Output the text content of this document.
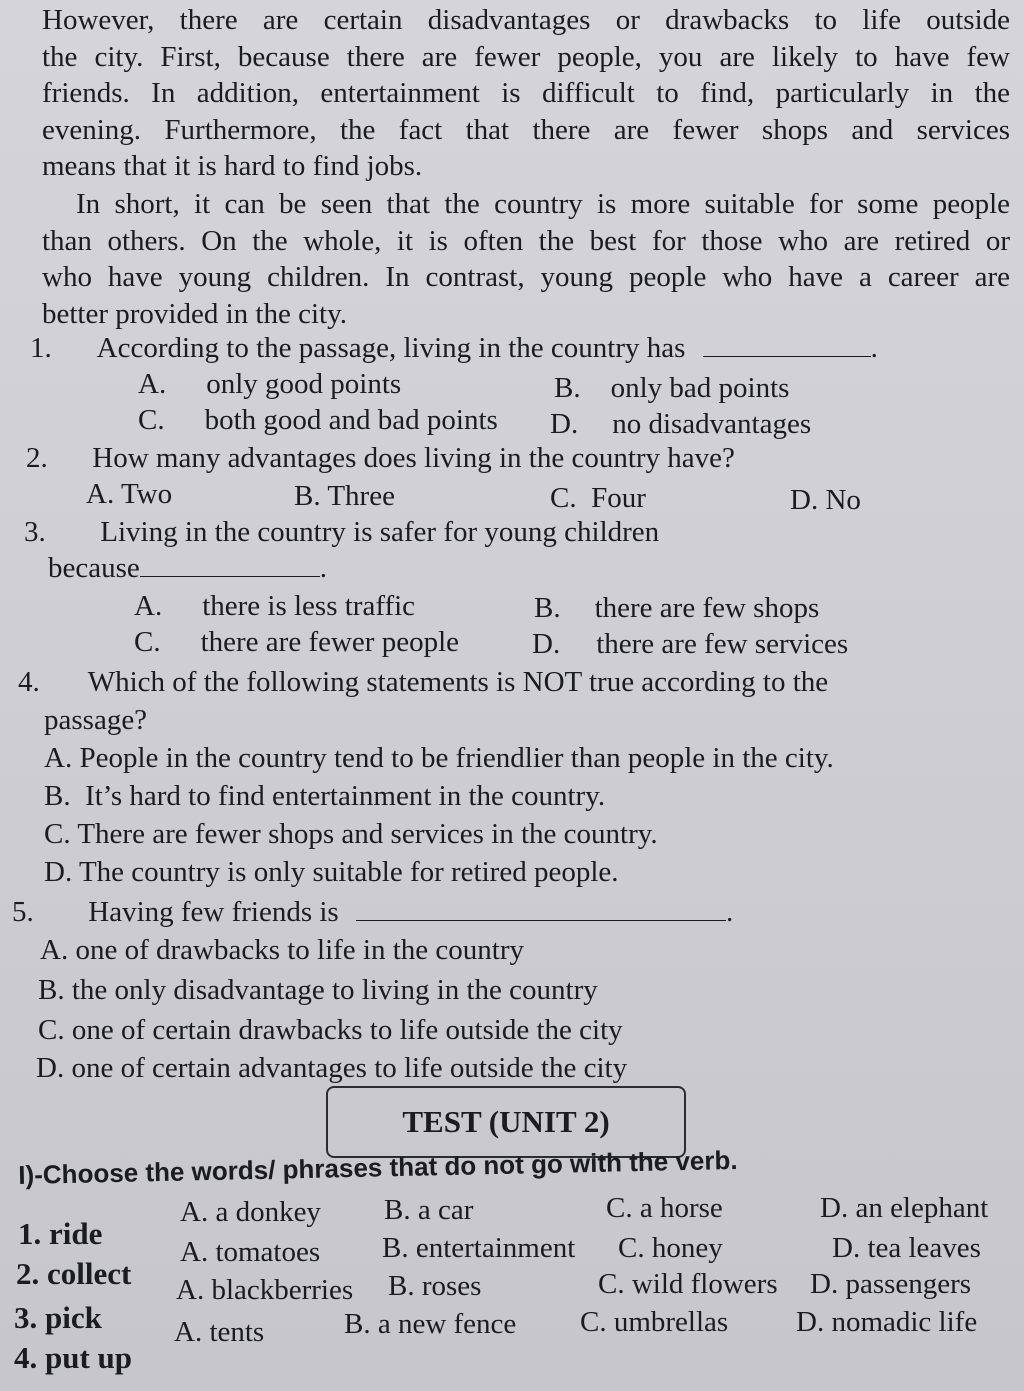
However, there are certain disadvantages or drawbacks to life outside
the city. First, because there are fewer people, you are likely to have few
friends. In addition, entertainment is difficult to find, particularly in the
evening. Furthermore, the fact that there are fewer shops and services
means that it is hard to find jobs.
In short, it can be seen that the country is more suitable for some people
than others. On the whole, it is often the best for those who are retired or
who have young children. In contrast, young people who have a career are
better provided in the city.
1. According to the passage, living in the country has	.
A. only good points	B. only bad points
C. both good and bad points D. no disadvantages
2. How many advantages does living in the country have?
A. Two	B. Three	C. Four	D. No
3. Living in the country is safer for young children
because	.
A. there is less traffic	B. there are few shops
C. there are fewer people	D. there are few services
4. Which of the following statements is NOT true according to the
passage?
A. People in the country tend to be friendlier than people in the city.
B. It’s hard to find entertainment in the country.
C. There are fewer shops and services in the country.
D. The country is only suitable for retired people.
5. Having few friends is	.
A. one of drawbacks to life in the country
B. the only disadvantage to living in the country
C. one of certain drawbacks to life outside the city
D. one of certain advantages to life outside the city
TEST (UNIT 2)
I)-Choose the words/ phrases that do not go with the verb.
1. ride
A. a donkey B. a car	C. a horse	D. an elephant
2. collect
A. tomatoes B. entertainment C. honey	D. tea leaves
3. pick
A. blackberries B. roses	C. wild flowers D. passengers
4. put up
A. tents	B. a new fence C. umbrellas D. nomadic life
